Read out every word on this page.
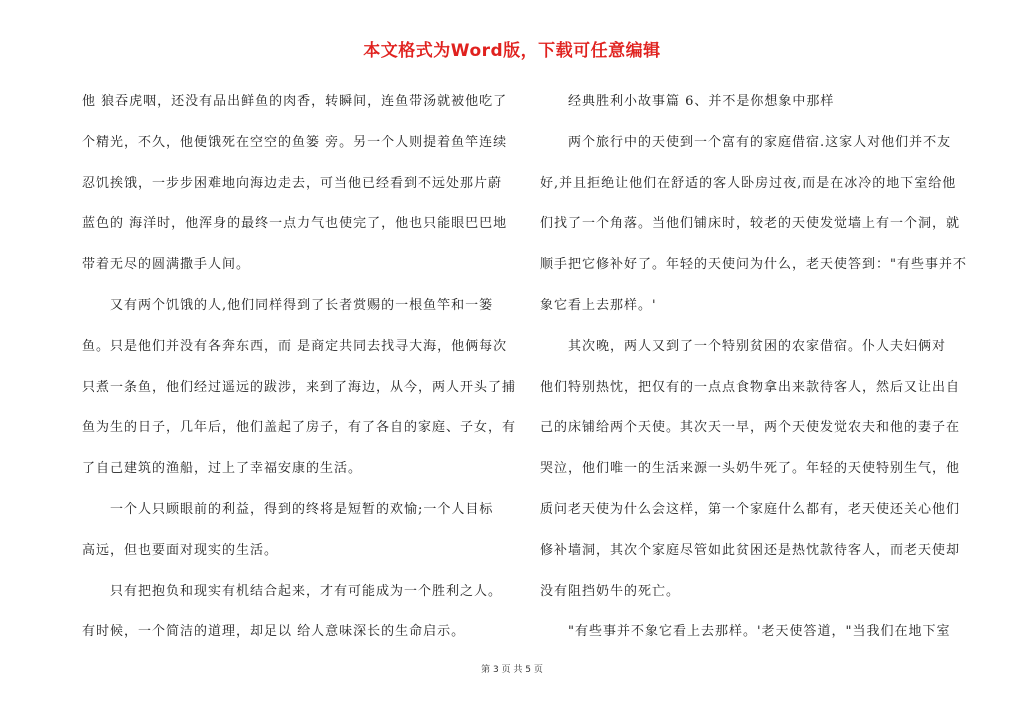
本文格式为Word版，下载可任意编辑
他 狼吞虎咽，还没有品出鲜鱼的肉香，转瞬间，连鱼带汤就被他吃了
个精光，不久，他便饿死在空空的鱼篓 旁。另一个人则提着鱼竿连续
忍饥挨饿，一步步困难地向海边走去，可当他已经看到不远处那片蔚
蓝色的 海洋时，他浑身的最终一点力气也使完了，他也只能眼巴巴地
带着无尽的圆满撒手人间。
　　又有两个饥饿的人,他们同样得到了长者赏赐的一根鱼竿和一篓
鱼。只是他们并没有各奔东西，而 是商定共同去找寻大海，他俩每次
只煮一条鱼，他们经过遥远的跋涉，来到了海边，从今，两人开头了捕
鱼为生的日子，几年后，他们盖起了房子，有了各自的家庭、子女，有
了自己建筑的渔船，过上了幸福安康的生活。
　　一个人只顾眼前的利益，得到的终将是短暂的欢愉;一个人目标
高远，但也要面对现实的生活。
　　只有把抱负和现实有机结合起来，才有可能成为一个胜利之人。
有时候，一个简洁的道理，却足以 给人意味深长的生命启示。
　　经典胜利小故事篇 6、并不是你想象中那样
　　两个旅行中的天使到一个富有的家庭借宿.这家人对他们并不友
好,并且拒绝让他们在舒适的客人卧房过夜,而是在冰冷的地下室给他
们找了一个角落。当他们铺床时，较老的天使发觉墙上有一个洞，就
顺手把它修补好了。年轻的天使问为什么，老天使答到："有些事并不
象它看上去那样。'
　　其次晚，两人又到了一个特别贫困的农家借宿。仆人夫妇俩对
他们特别热忱，把仅有的一点点食物拿出来款待客人，然后又让出自
己的床铺给两个天使。其次天一早，两个天使发觉农夫和他的妻子在
哭泣，他们唯一的生活来源一头奶牛死了。年轻的天使特别生气，他
质问老天使为什么会这样，第一个家庭什么都有，老天使还关心他们
修补墙洞，其次个家庭尽管如此贫困还是热忱款待客人，而老天使却
没有阻挡奶牛的死亡。
　　"有些事并不象它看上去那样。'老天使答道，"当我们在地下室
第 3 页 共 5 页
